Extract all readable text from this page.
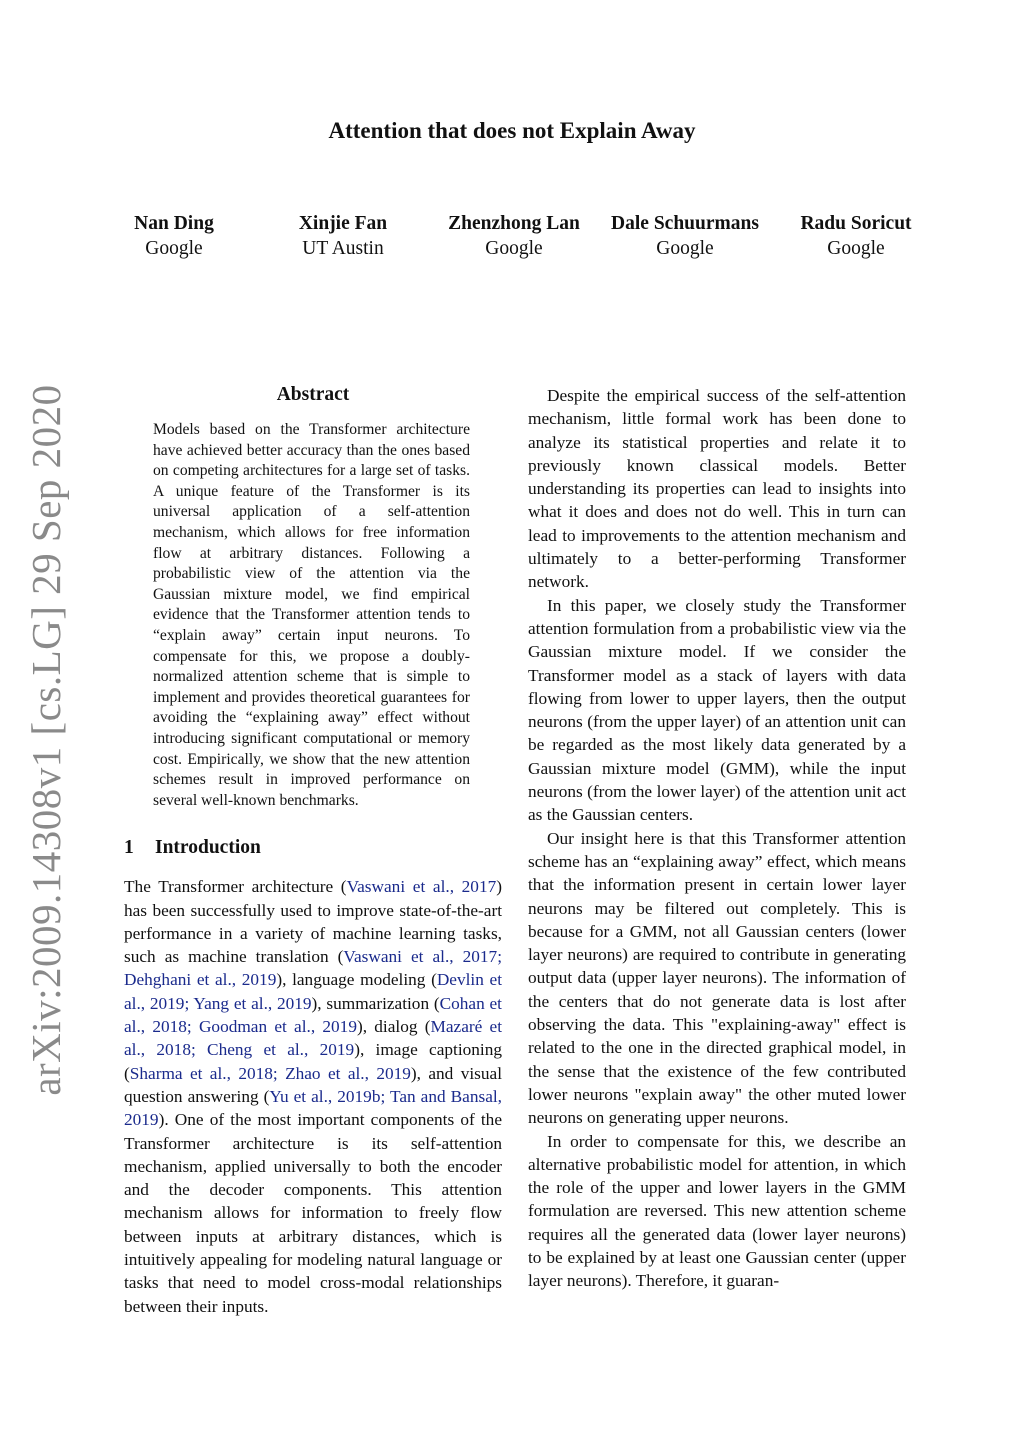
arXiv:2009.14308v1 [cs.LG] 29 Sep 2020
Attention that does not Explain Away
Nan Ding
Google
Xinjie Fan
UT Austin
Zhenzhong Lan
Google
Dale Schuurmans
Google
Radu Soricut
Google
Abstract
Models based on the Transformer architecture have achieved better accuracy than the ones based on competing architectures for a large set of tasks. A unique feature of the Transformer is its universal application of a self-attention mechanism, which allows for free information flow at arbitrary distances. Following a probabilistic view of the attention via the Gaussian mixture model, we find empirical evidence that the Transformer attention tends to “explain away” certain input neurons. To compensate for this, we propose a doubly-normalized attention scheme that is simple to implement and provides theoretical guarantees for avoiding the “explaining away” effect without introducing significant computational or memory cost. Empirically, we show that the new attention schemes result in improved performance on several well-known benchmarks.
1 Introduction

The Transformer architecture (Vaswani et al., 2017) has been successfully used to improve state-of-the-art performance in a variety of machine learning tasks, such as machine translation (Vaswani et al., 2017; Dehghani et al., 2019), language modeling (Devlin et al., 2019; Yang et al., 2019), summarization (Cohan et al., 2018; Goodman et al., 2019), dialog (Mazaré et al., 2018; Cheng et al., 2019), image captioning (Sharma et al., 2018; Zhao et al., 2019), and visual question answering (Yu et al., 2019b; Tan and Bansal, 2019). One of the most important components of the Transformer architecture is its self-attention mechanism, applied universally to both the encoder and the decoder components. This attention mechanism allows for information to freely flow between inputs at arbitrary distances, which is intuitively appealing for modeling natural language or tasks that need to model cross-modal relationships between their inputs.

Despite the empirical success of the self-attention mechanism, little formal work has been done to analyze its statistical properties and relate it to previously known classical models. Better understanding its properties can lead to insights into what it does and does not do well. This in turn can lead to improvements to the attention mechanism and ultimately to a better-performing Transformer network.

In this paper, we closely study the Transformer attention formulation from a probabilistic view via the Gaussian mixture model. If we consider the Transformer model as a stack of layers with data flowing from lower to upper layers, then the output neurons (from the upper layer) of an attention unit can be regarded as the most likely data generated by a Gaussian mixture model (GMM), while the input neurons (from the lower layer) of the attention unit act as the Gaussian centers.

Our insight here is that this Transformer attention scheme has an “explaining away” effect, which means that the information present in certain lower layer neurons may be filtered out completely. This is because for a GMM, not all Gaussian centers (lower layer neurons) are required to contribute in generating output data (upper layer neurons). The information of the centers that do not generate data is lost after observing the data. This "explaining-away" effect is related to the one in the directed graphical model, in the sense that the existence of the few contributed lower neurons "explain away" the other muted lower neurons on generating upper neurons.

In order to compensate for this, we describe an alternative probabilistic model for attention, in which the role of the upper and lower layers in the GMM formulation are reversed. This new attention scheme requires all the generated data (lower layer neurons) to be explained by at least one Gaussian center (upper layer neurons). Therefore, it guaran-
